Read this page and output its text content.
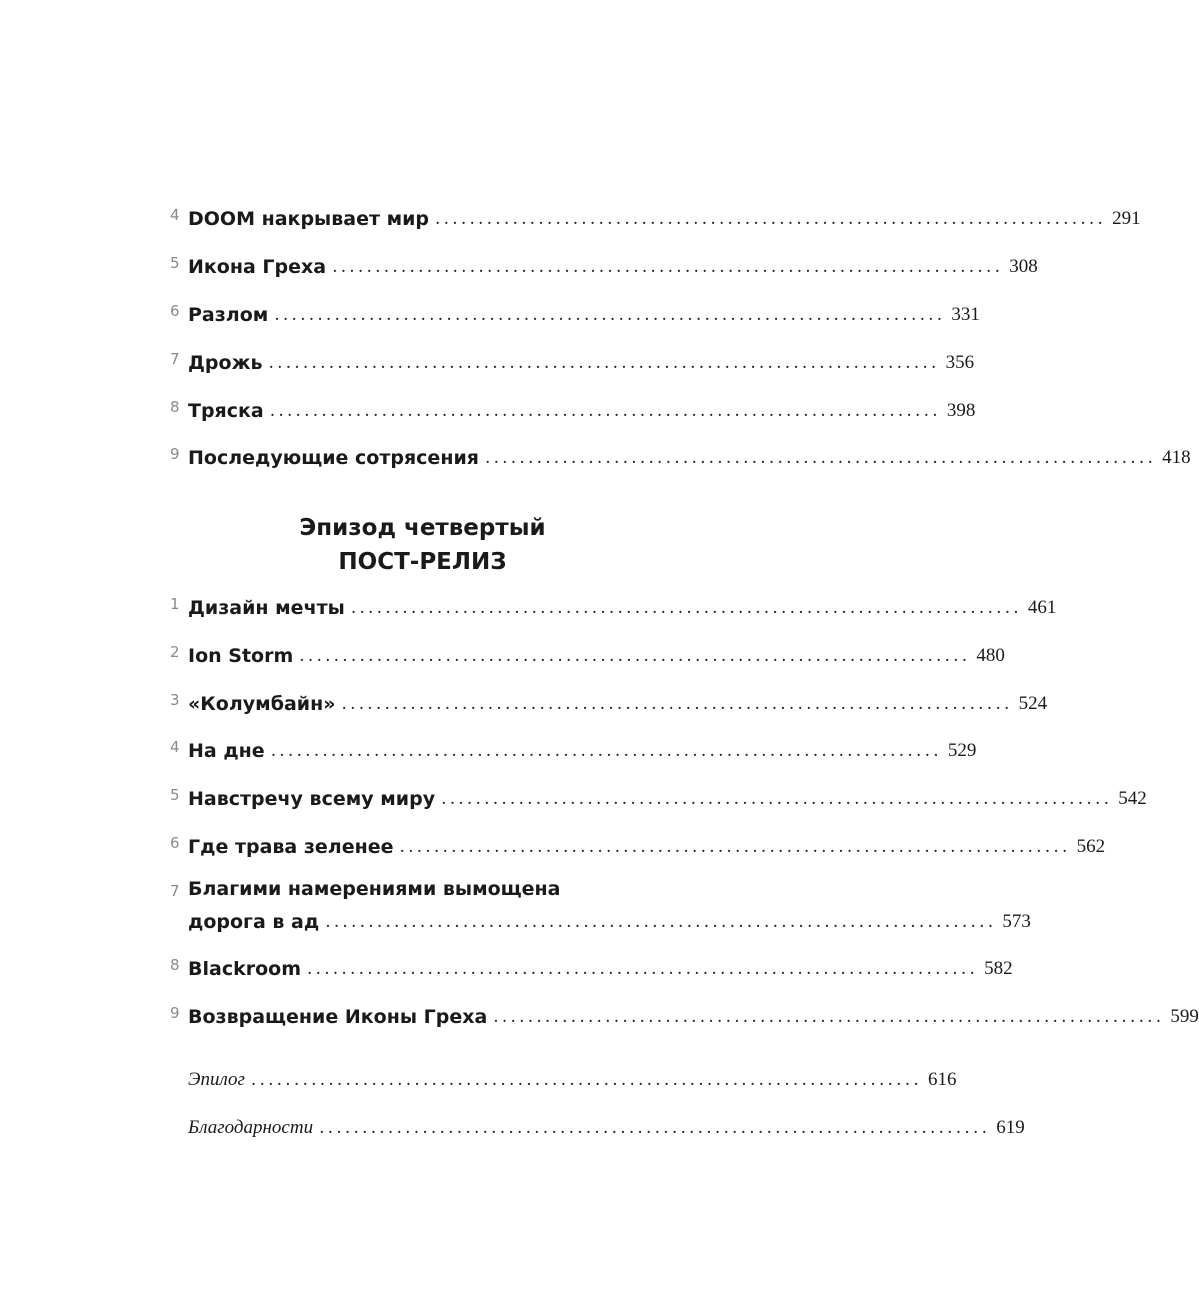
4 DOOM накрывает мир .............................................................................. 291
5 Икона Греха .............................................................................. 308
6 Разлом .............................................................................. 331
7 Дрожь .............................................................................. 356
8 Тряска .............................................................................. 398
9 Последующие сотрясения .............................................................................. 418
Эпизод четвертый
ПОСТ-РЕЛИЗ
1 Дизайн мечты .............................................................................. 461
2 Ion Storm .............................................................................. 480
3 «Колумбайн» .............................................................................. 524
4 На дне .............................................................................. 529
5 Навстречу всему миру .............................................................................. 542
6 Где трава зеленее .............................................................................. 562
7 Благими намерениями вымощена
дорога в ад .............................................................................. 573
8 Blackroom .............................................................................. 582
9 Возвращение Иконы Греха .............................................................................. 599
Эпилог .............................................................................. 616
Благодарности .............................................................................. 619
